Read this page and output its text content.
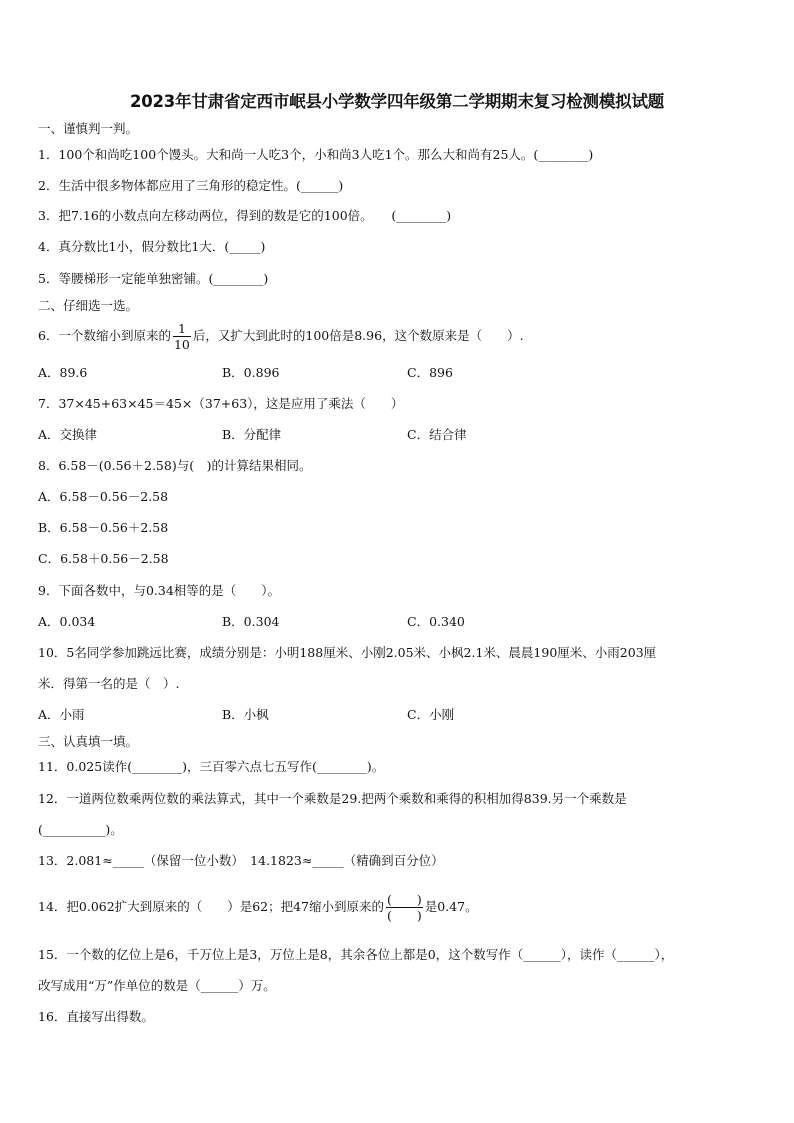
2023年甘肃省定西市岷县小学数学四年级第二学期期末复习检测模拟试题
一、谨慎判一判。
1．100个和尚吃100个馒头。大和尚一人吃3个，小和尚3人吃1个。那么大和尚有25人。(________)
2．生活中很多物体都应用了三角形的稳定性。(______)
3．把7.16的小数点向左移动两位，得到的数是它的100倍。　　(________)
4．真分数比1小，假分数比1大．(_____)
5．等腰梯形一定能单独密铺。(________)
二、仔细选一选。
6．一个数缩小到原来的 $\frac{1}{10}$ 后，又扩大到此时的100倍是8.96，这个数原来是（　　）.
A．89.6	B．0.896	C．896
7．37×45+63×45＝45×（37+63），这是应用了乘法（　　）
A．交换律	B．分配律	C．结合律
8．6.58－(0.56＋2.58)与(　)的计算结果相同。
A．6.58－0.56－2.58
B．6.58－0.56＋2.58
C．6.58＋0.56－2.58
9．下面各数中，与0.34相等的是（　　）。
A．0.034	B．0.304	C．0.340
10．5名同学参加跳远比赛，成绩分别是：小明188厘米、小刚2.05米、小枫2.1米、晨晨190厘米、小雨203厘
米．得第一名的是（　）.
A．小雨	B．小枫	C．小刚
三、认真填一填。
11．0.025读作(________)，三百零六点七五写作(________)。
12．一道两位数乘两位数的乘法算式，其中一个乘数是29.把两个乘数和乘得的积相加得839.另一个乘数是
(__________)。
13．2.081≈_____（保留一位小数）　14.1823≈_____（精确到百分位）
14．把0.062扩大到原来的（　　）是62；把47缩小到原来的 $\frac{( )}{( )}$ 是0.47。
15．一个数的亿位上是6，千万位上是3，万位上是8，其余各位上都是0，这个数写作（______），读作（______），
改写成用“万”作单位的数是（______）万。
16．直接写出得数。
